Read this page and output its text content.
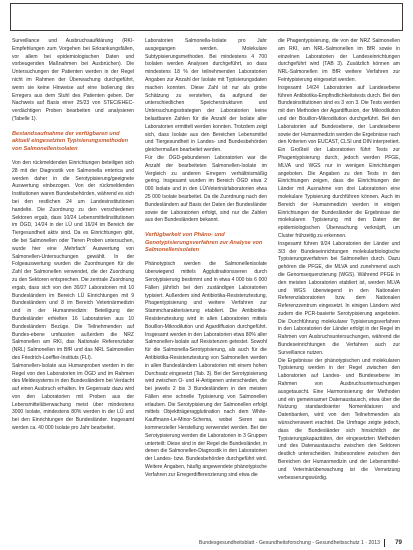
Surveillance und Ausbruchsaufklärung (RKI-Empfehlungen zum Vorgehen bei Erkrankungsfällen, vor allem bei epidemiologischen Daten und vorbeugenden Maßnahmen bei Ausbrüchen). Die Untersuchungen der Patienten werden in der Regel nicht im Rahmen der Überwachung durchgeführt, wenn sie keine Hinweise auf eine Isolierung des Erregers aus dem Stuhl des Patienten geben. Der Nachweis auf Basis einer 25/23 von STEC/EHEC-verdächtigen Proben bearbeiten und analysieren (Tabelle 1).

Bestandsaufnahme der verfügbaren und aktuell eingesetzten Typisierungsmethoden von Salmonellenisolaten

Von den rückmeldenden Einrichtungen beteiligen sich 28 mit der Diagnostik von Salmonella enterica und werden daher in die Serotypisierung/geeignete Auswertung einbezogen. Von der rückmeldenden Institutionen waren Bundesbehörden, während es sich bei den restlichen 24 um Landesinstitutionen handelte. Die Zuordnung zu den verschiedenen Sektoren ergab, dass 10/24 Lebensmittelinstitutionen im ÖGD, 14/24 in der LÜ und 16/24 im Bereich der Tiergesundheit aktiv sind. Da es Einrichtungen gibt, die bei Salmonellen oder Tieren Proben untersuchen, wurde hier eine ‚Mehrfach‘ Auswertung von Salmonellen-Untersuchungen gewählt. In der Folgeauswertung wurden die Zuordnungen für die Zahl der Salmonellen verwendet, die der Zuordnung zu den Sektoren entsprechen. Die zentrale Zuordnung ergab, dass sich von den 30/27 Laboratorien mit 10 Bundesländern im Bereich LÜ Einrichtungen mit 9 Bundesländern und 8 im Bereich Veterinärmedizin und in der Humanmedizin: Beteiligung der Bundesländer erhielten 16 Laboratorien aus 10 Bundesländern Bezüge. Die Teilnehmenden auf Bundes-ebene umfassten außerdem die NRZ Salmonellen am RKI, das Nationale Referenzlabor (NRL) Salmonellen im BfR und das NRL Salmonellen des Friedrich-Loeffler-Instituts (FLI).

Salmonellen-Isolate aus Humanproben werden in der Regel von den Laboratorien im ÖGD und im Rahmen des Meldesystems in den Bundesländern bei Verdacht auf einen Ausbruch erhalten. Im Gegensatz dazu wird von den Laboratorien mit Proben aus der Lebensmittelüberwachung meist über mindestens 3000 Isolate, mindestens 80% werden in der LÜ und bei den Einrichtungen der Bundesländer. Insgesamt werden ca. 40 000 Isolate pro Jahr bearbeitet.

Laboratorien Salmonella-Isolate pro Jahr ausgegangen werden. Molekulare Subtypisierungsmethoden. Bei mindestens 4 700 Isolaten werden Analysen durchgeführt, so dass mindestens 18 % der teilnehmenden Laboratorien Angaben zur Anzahl der Isolate mit Typisierungsdaten machen konnten. Diese Zahl ist nur als grobe Schätzung zu verstehen, da aufgrund der unterschiedlichen Speicherstrukturen und Untersuchungsstrategien der Laboratorien keine belastbaren Zahlen für die Anzahl der Isolate aller Laboratorien ermittelt werden konnten. Trotzdem zeigt sich, dass Isolate aus den Bereichen Lebensmittel und Tiergesundheit in Landes- und Bundesbehörden gleichermaßen bearbeitet werden.

Für die ÖGD-gebundenen Laboratorien war die Anzahl der bearbeiteten Salmonellen-Isolate im Vergleich zu anderen Erregern verhältnismäßig gering. Insgesamt wurden im Bereich ÖGD etwa 2 000 Isolate und in den LÜ/Veterinärlaboratorien etwa 25 000 Isolate bearbeitet. Da die Zuordnung nach den Bundesländern auf Basis der Daten der Bundesländer sowie der Laboratorien erfolgt, sind nur die Zahlen aus den Bundesländern bekannt.

Verfügbarkeit von Phäno- und Genotypisierungsverfahren zur Analyse von Salmonellenisolaten

Phänotypisch werden die Salmonellenisolate überwiegend mittels Agglutinationsseren durch Serotypisierung bestimmt und in etwa 4 000 bis 6 000 Fällen jährlich bei den zuständigen Laboratorien typisiert. Außerdem sind Antibiotika-Resistenztestung, Phagentypisierung und weitere Verfahren zur Stammcharakterisierung etabliert. Die Antibiotika-Resistenztestung wird in allen Laboratorien mittels Bouillon-Mikrodilution und Agardiffusion durchgeführt. Insgesamt werden in den Laboratorien etwa 80% aller Salmonellen-Isolate auf Resistenzen getestet. Sowohl für die Salmonella-Serotypisierung, als auch für die Antibiotika-Resistenztestung von Salmonellen werden in allen Bundesländern Laboratorien mit einem hohen Durchsatz eingesetzt (Tab. 3). Bei der Serotypisierung wird zwischen O- und H-Antigenen unterschieden, die bei jeweils 2 bis 3 Bundesländern in den meisten Fällen eine schnelle Typisierung von Salmonellen erlauben. Die Serotypisierung der Salmonellen erfolgt mittels Objektträgeragglutination nach dem White-Kauffmann-Le-Minor-Schema, wobei Seren aus kommerzieller Herstellung verwendet werden. Bei der Serotypisierung werden die Laboratorien in 3 Gruppen unterteilt: Diese sind in der Regel die Bundesländer, in denen die Salmonellen-Diagnostik in den Laboratorien der Landes- bzw. Bundesbehörden durchgeführt wird. Weitere Angaben, häufig angewendete phänotypische Verfahren zur Erregerdifferenzierung sind etwa die

die Phagentypisierung, die von der NRZ Salmonellen am RKI, am NRL-Salmonellen im BfR sowie in einzelnen Laboratorien der Landeseinrichtungen durchgeführt wird (TAB 3). Zusätzlich können am NRL-Salmonellen im BfR weitere Verfahren zur Feintypisierung eingesetzt werden.

Insgesamt 14/24 Laboratorien auf Landesebene führen Antibiotika-Empfindlichkeitstests durch. Bei den Bundesinstitutionen sind es 3 von 3. Die Tests werden mit den Methoden der Agardiffusion, der Mikrodilution und der Bouillon-Mikrodilution durchgeführt. Bei den Laboratorien auf Bundesebene, der Landesebene sowie der Humanmedizin werden die Ergebnisse nach den Kriterien von EUCAST, CLSI und DIN interpretiert. Ein Großteil der Laboratorien führt Tests zur Phagentypisierung durch, jedoch werden PFGE, MLVA und WGS nur in wenigen Einrichtungen angeboten. Die Angaben zu den Tests in den Einrichtungen zeigen, dass die Einrichtungen der Länder mit Ausnahme von drei Laboratorien eine molekulare Typisierung durchführen können. Auch im Bereich der Humanmedizin werden in einigen Einrichtungen der Bundesländer die Ergebnisse der molekularen Typisierung mit den Daten der epidemiologischen Überwachung verknüpft, um Cluster frühzeitig zu erkennen.

Insgesamt führen 9/24 Laboratorien der Länder und 3/3 der Bundeseinrichtungen molekularbiologische Typisierungsverfahren bei Salmonellen durch. Dazu gehören die PFGE, die MLVA und zunehmend auch die Genomsequenzierung (WGS). Während PFGE in den meisten Laboratorien etabliert ist, werden MLVA und WGS überwiegend in den Nationalen Referenzlaboratorien bzw. dem Nationalen Referenzzentrum eingesetzt. In einigen Ländern wird zudem die PCR-basierte Serotypisierung angeboten. Die Durchführung molekularer Typisierungsverfahren in den Laboratorien der Länder erfolgt in der Regel im Rahmen von Ausbruchsuntersuchungen, während die Bundeseinrichtungen die Verfahren auch zur Surveillance nutzen.

Die Ergebnisse der phänotypischen und molekularen Typisierung werden in der Regel zwischen den Laboratorien auf Landes- und Bundesebene im Rahmen von Ausbruchsuntersuchungen ausgetauscht. Eine Harmonisierung der Methoden und ein gemeinsamer Datenaustausch, etwa über die Nutzung standardisierter Nomenklaturen und Datenbanken, wird von den Teilnehmenden als wünschenswert erachtet. Die Umfrage zeigte jedoch, dass die Bundesländer sich hinsichtlich der Typisierungskapazitäten, der eingesetzten Methoden und des Datenaustauschs zwischen den Sektoren deutlich unterscheiden. Insbesondere zwischen den Bereichen der Humanmedizin und der Lebensmittel- und Veterinärüberwachung ist die Vernetzung verbesserungswürdig.

Bundesgesundheitsblatt - Gesundheitsforschung - Gesundheitsschutz 1 · 2013 79
